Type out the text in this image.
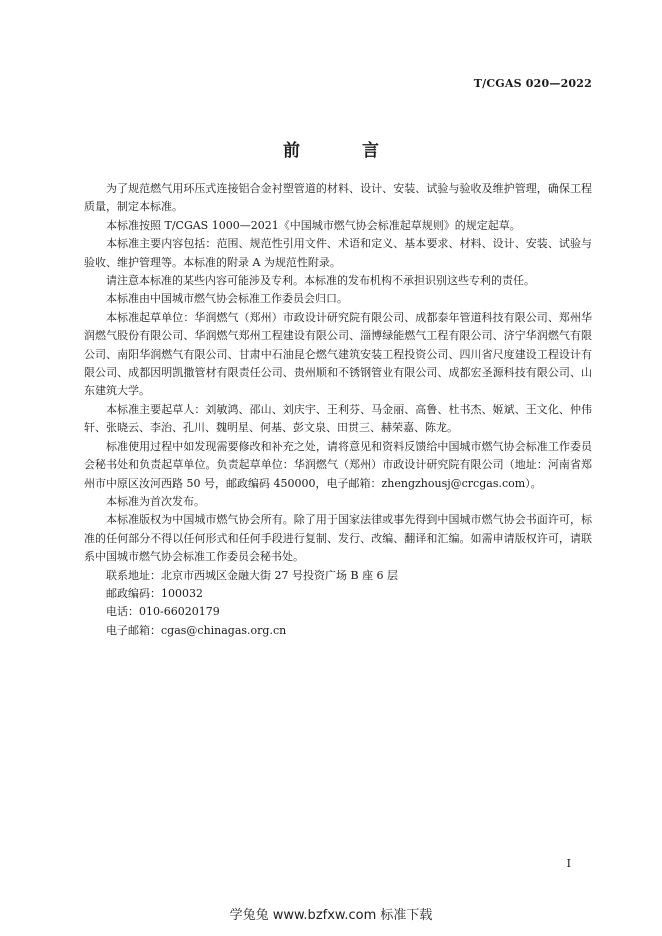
T/CGAS 020—2022
前 言

为了规范燃气用环压式连接铝合金衬塑管道的材料、设计、安装、试验与验收及维护管理，确保工程质量，制定本标准。

本标准按照 T/CGAS 1000—2021《中国城市燃气协会标准起草规则》的规定起草。

本标准主要内容包括：范围、规范性引用文件、术语和定义、基本要求、材料、设计、安装、试验与验收、维护管理等。本标准的附录 A 为规范性附录。

请注意本标准的某些内容可能涉及专利。本标准的发布机构不承担识别这些专利的责任。

本标准由中国城市燃气协会标准工作委员会归口。

本标准起草单位：华润燃气（郑州）市政设计研究院有限公司、成都泰年管道科技有限公司、郑州华润燃气股份有限公司、华润燃气郑州工程建设有限公司、淄博绿能燃气工程有限公司、济宁华润燃气有限公司、南阳华润燃气有限公司、甘肃中石油昆仑燃气建筑安装工程投资公司、四川省尺度建设工程设计有限公司、成都因明凯撒管材有限责任公司、贵州顺和不锈钢管业有限公司、成都宏圣源科技有限公司、山东建筑大学。

本标准主要起草人：刘敏鸿、邵山、刘庆宇、王利芬、马金丽、高鲁、杜书杰、姬斌、王文化、仲伟轩、张晓云、李治、孔川、魏明星、何基、彭文泉、田贯三、赫荣嘉、陈龙。

标准使用过程中如发现需要修改和补充之处，请将意见和资料反馈给中国城市燃气协会标准工作委员会秘书处和负责起草单位。负责起草单位：华润燃气（郑州）市政设计研究院有限公司（地址：河南省郑州市中原区汝河西路 50 号，邮政编码 450000，电子邮箱：zhengzhousj@crcgas.com）。

本标准为首次发布。

本标准版权为中国城市燃气协会所有。除了用于国家法律或事先得到中国城市燃气协会书面许可，标准的任何部分不得以任何形式和任何手段进行复制、发行、改编、翻译和汇编。如需申请版权许可，请联系中国城市燃气协会标准工作委员会秘书处。

联系地址：北京市西城区金融大街 27 号投资广场 B 座 6 层

邮政编码：100032

电话：010-66020179

电子邮箱：cgas@chinagas.org.cn

I
学兔兔 www.bzfxw.com 标准下载
